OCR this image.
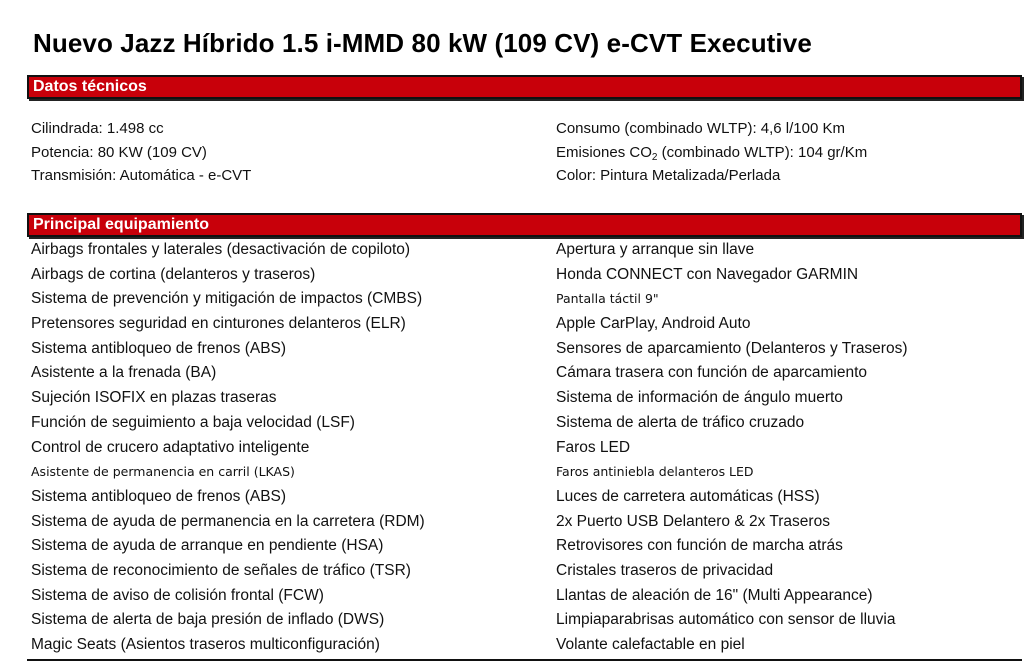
Nuevo Jazz Híbrido 1.5 i-MMD 80 kW (109 CV) e-CVT Executive
Datos técnicos
Cilindrada: 1.498 cc
Potencia: 80 KW (109 CV)
Transmisión: Automática - e-CVT
Consumo (combinado WLTP): 4,6 l/100 Km
Emisiones $CO_2$ (combinado WLTP): 104 gr/Km
Color: Pintura Metalizada/Perlada
Principal equipamiento
Airbags frontales y laterales (desactivación de copiloto)
Airbags de cortina (delanteros y traseros)
Sistema de prevención y mitigación de impactos (CMBS)
Pretensores seguridad en cinturones delanteros (ELR)
Sistema antibloqueo de frenos (ABS)
Asistente a la frenada (BA)
Sujeción ISOFIX en plazas traseras
Función de seguimiento a baja velocidad (LSF)
Control de crucero adaptativo inteligente
Asistente de permanencia en carril (LKAS)
Sistema antibloqueo de frenos (ABS)
Sistema de ayuda de permanencia en la carretera (RDM)
Sistema de ayuda de arranque en pendiente (HSA)
Sistema de reconocimiento de señales de tráfico (TSR)
Sistema de aviso de colisión frontal (FCW)
Sistema de alerta de baja presión de inflado (DWS)
Magic Seats (Asientos traseros multiconfiguración)
Apertura y arranque sin llave
Honda CONNECT con Navegador GARMIN
Pantalla táctil 9"
Apple CarPlay, Android Auto
Sensores de aparcamiento (Delanteros y Traseros)
Cámara trasera con función de aparcamiento
Sistema de información de ángulo muerto
Sistema de alerta de tráfico cruzado
Faros LED
Faros antiniebla delanteros LED
Luces de carretera automáticas (HSS)
2x Puerto USB Delantero & 2x Traseros
Retrovisores con función de marcha atrás
Cristales traseros de privacidad
Llantas de aleación de 16" (Multi Appearance)
Limpiaparabrisas automático con sensor de lluvia
Volante calefactable en piel
